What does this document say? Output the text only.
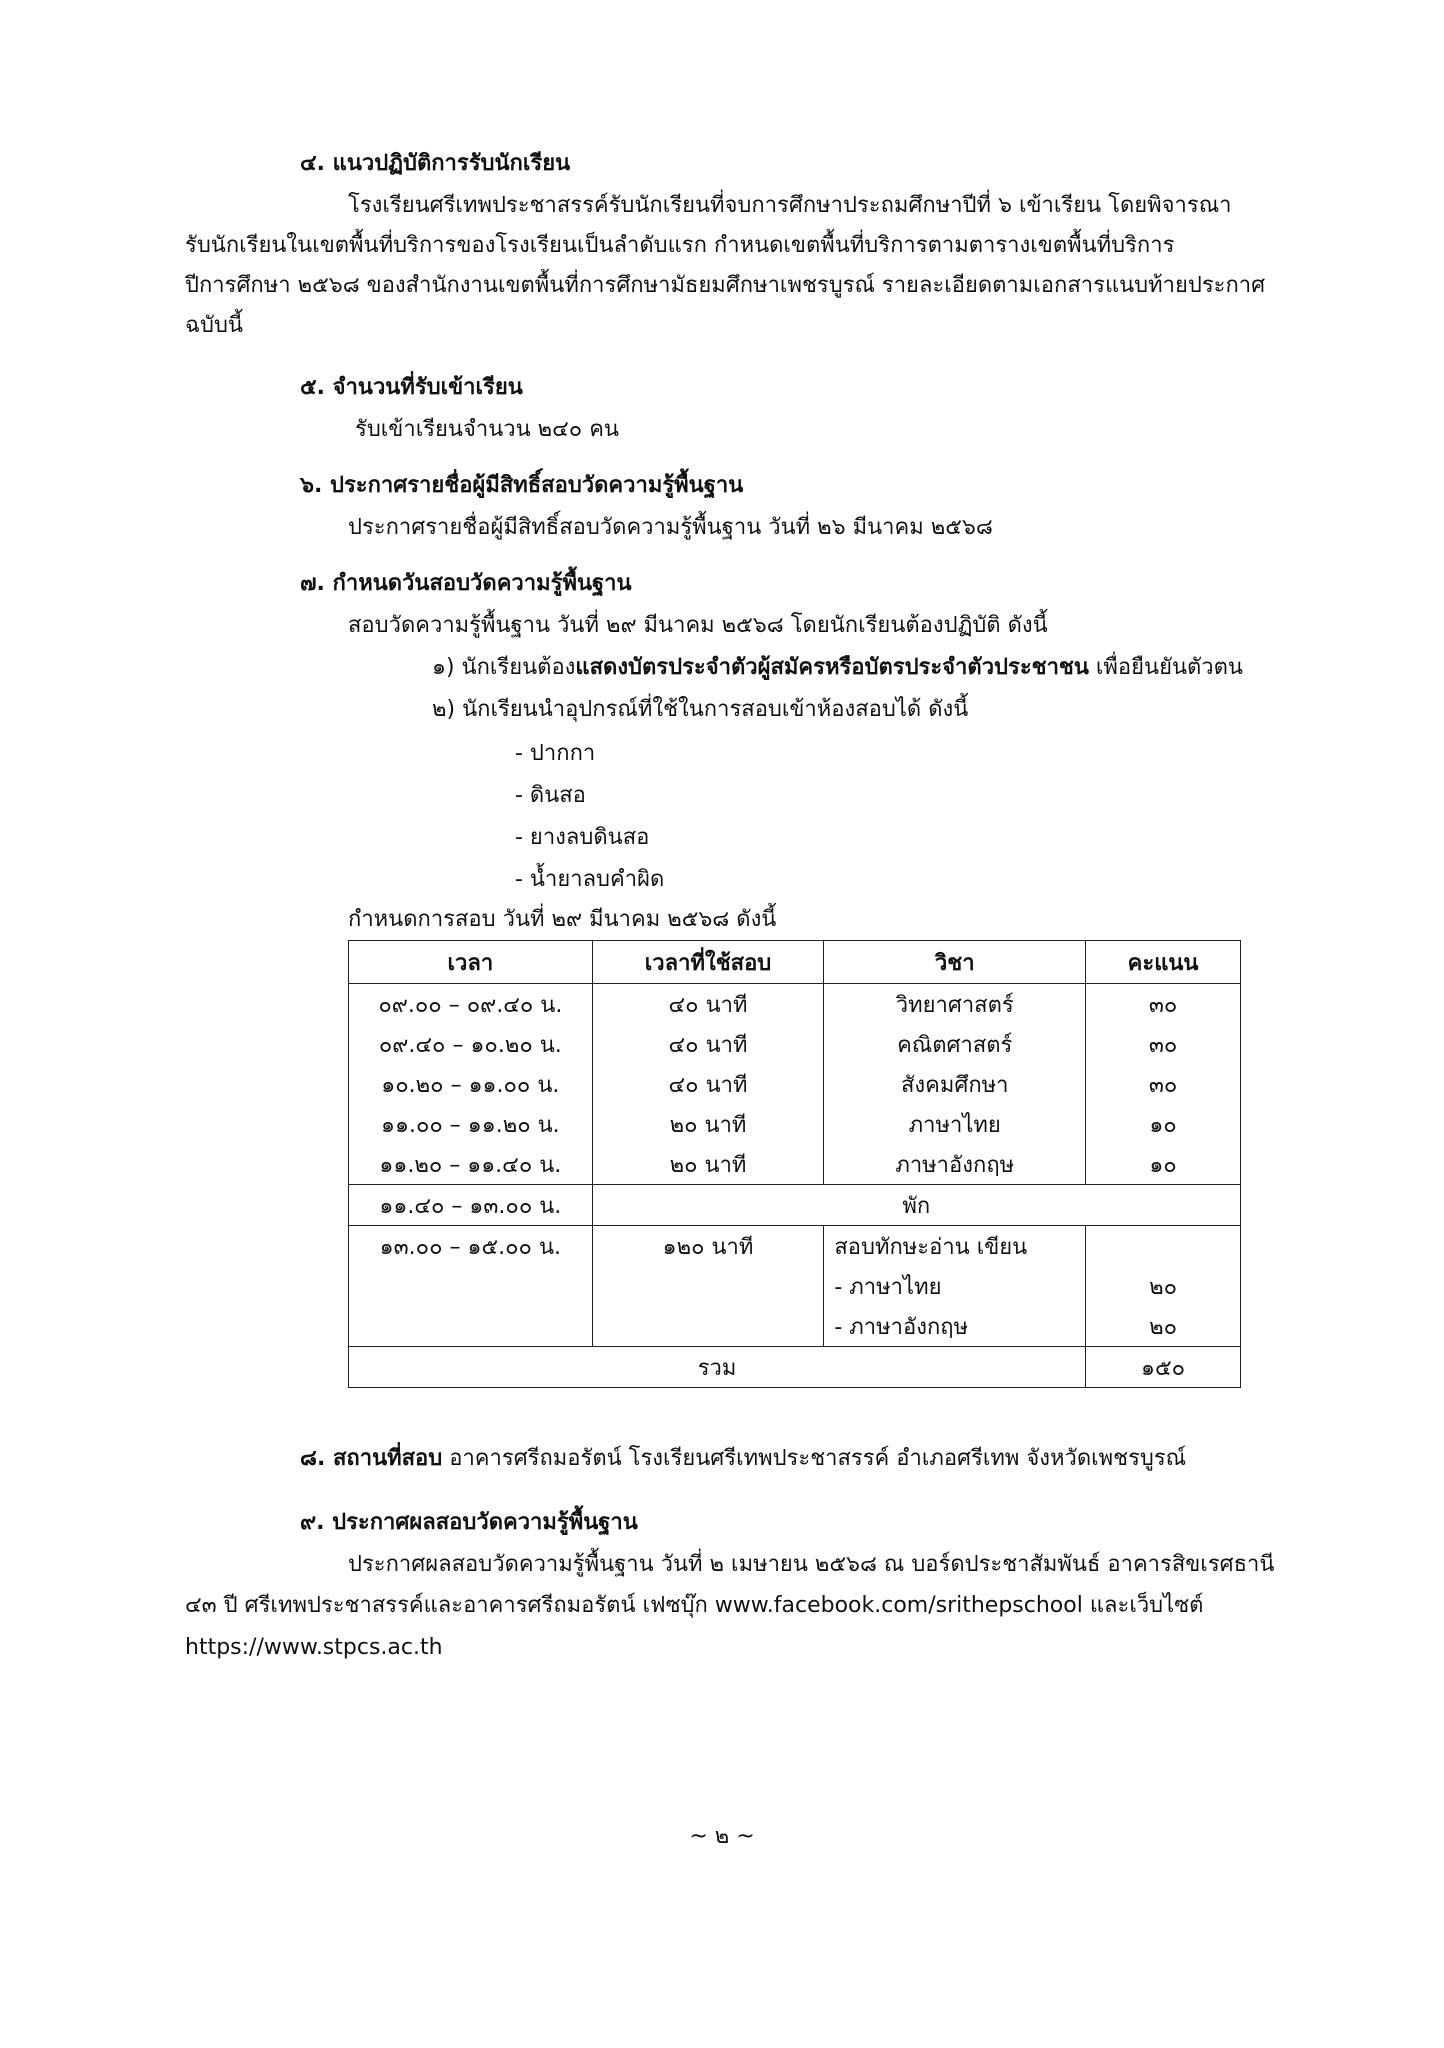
๔. แนวปฏิบัติการรับนักเรียน
โรงเรียนศรีเทพประชาสรรค์รับนักเรียนที่จบการศึกษาประถมศึกษาปีที่ ๖ เข้าเรียน โดยพิจารณา
รับนักเรียนในเขตพื้นที่บริการของโรงเรียนเป็นลำดับแรก กำหนดเขตพื้นที่บริการตามตารางเขตพื้นที่บริการ
ปีการศึกษา ๒๕๖๘ ของสำนักงานเขตพื้นที่การศึกษามัธยมศึกษาเพชรบูรณ์ รายละเอียดตามเอกสารแนบท้ายประกาศ
ฉบับนี้
๕. จำนวนที่รับเข้าเรียน
รับเข้าเรียนจำนวน ๒๔๐ คน
๖. ประกาศรายชื่อผู้มีสิทธิ์สอบวัดความรู้พื้นฐาน
ประกาศรายชื่อผู้มีสิทธิ์สอบวัดความรู้พื้นฐาน วันที่ ๒๖ มีนาคม ๒๕๖๘
๗. กำหนดวันสอบวัดความรู้พื้นฐาน
สอบวัดความรู้พื้นฐาน วันที่ ๒๙ มีนาคม ๒๕๖๘ โดยนักเรียนต้องปฏิบัติ ดังนี้
๑) นักเรียนต้องแสดงบัตรประจำตัวผู้สมัครหรือบัตรประจำตัวประชาชน เพื่อยืนยันตัวตน
๒) นักเรียนนำอุปกรณ์ที่ใช้ในการสอบเข้าห้องสอบได้ ดังนี้
- ปากกา
- ดินสอ
- ยางลบดินสอ
- น้ำยาลบคำผิด
กำหนดการสอบ วันที่ ๒๙ มีนาคม ๒๕๖๘ ดังนี้
เวลา	เวลาที่ใช้สอบ	วิชา	คะแนน
๐๙.๐๐ – ๐๙.๔๐ น.	๔๐ นาที	วิทยาศาสตร์	๓๐
๐๙.๔๐ – ๑๐.๒๐ น.	๔๐ นาที	คณิตศาสตร์	๓๐
๑๐.๒๐ – ๑๑.๐๐ น.	๔๐ นาที	สังคมศึกษา	๓๐
๑๑.๐๐ – ๑๑.๒๐ น.	๒๐ นาที	ภาษาไทย	๑๐
๑๑.๒๐ – ๑๑.๔๐ น.	๒๐ นาที	ภาษาอังกฤษ	๑๐
๑๑.๔๐ – ๑๓.๐๐ น.	พัก		
๑๓.๐๐ – ๑๕.๐๐ น.	๑๒๐ นาที	สอบทักษะอ่าน เขียน	
		- ภาษาไทย	๒๐
		- ภาษาอังกฤษ	๒๐
รวม			๑๕๐
๘. สถานที่สอบ อาคารศรีถมอรัตน์ โรงเรียนศรีเทพประชาสรรค์ อำเภอศรีเทพ จังหวัดเพชรบูรณ์
๙. ประกาศผลสอบวัดความรู้พื้นฐาน
ประกาศผลสอบวัดความรู้พื้นฐาน วันที่ ๒ เมษายน ๒๕๖๘ ณ บอร์ดประชาสัมพันธ์ อาคารสิขเรศธานี
๔๓ ปี ศรีเทพประชาสรรค์และอาคารศรีถมอรัตน์ เฟซบุ๊ก www.facebook.com/srithepschool และเว็บไซต์
https://www.stpcs.ac.th
~ ๒ ~
